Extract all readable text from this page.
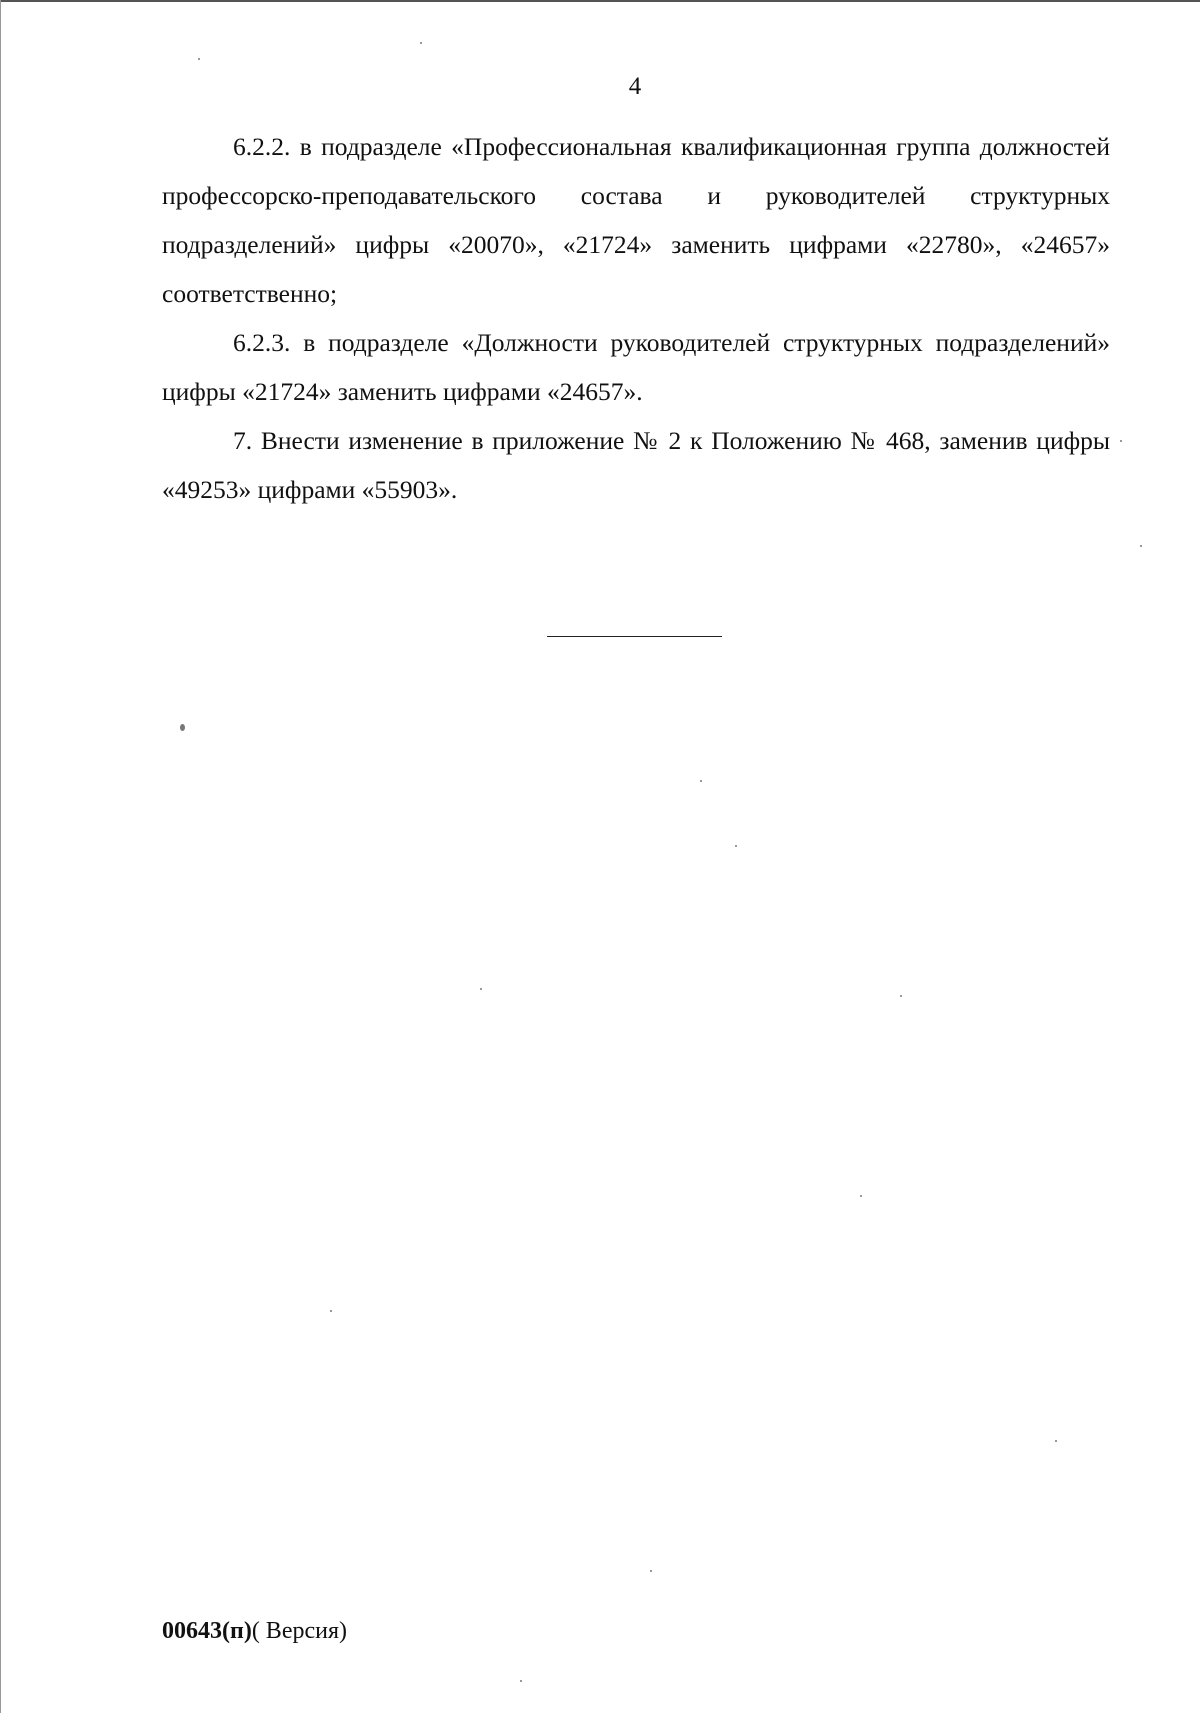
4

6.2.2. в подразделе «Профессиональная квалификационная группа должностей профессорско-преподавательского состава и руководителей структурных подразделений» цифры «20070», «21724» заменить цифрами «22780», «24657» соответственно;

6.2.3. в подразделе «Должности руководителей структурных подразделений» цифры «21724» заменить цифрами «24657».

7. Внести изменение в приложение № 2 к Положению № 468, заменив цифры «49253» цифрами «55903».

00643(п)( Версия)
